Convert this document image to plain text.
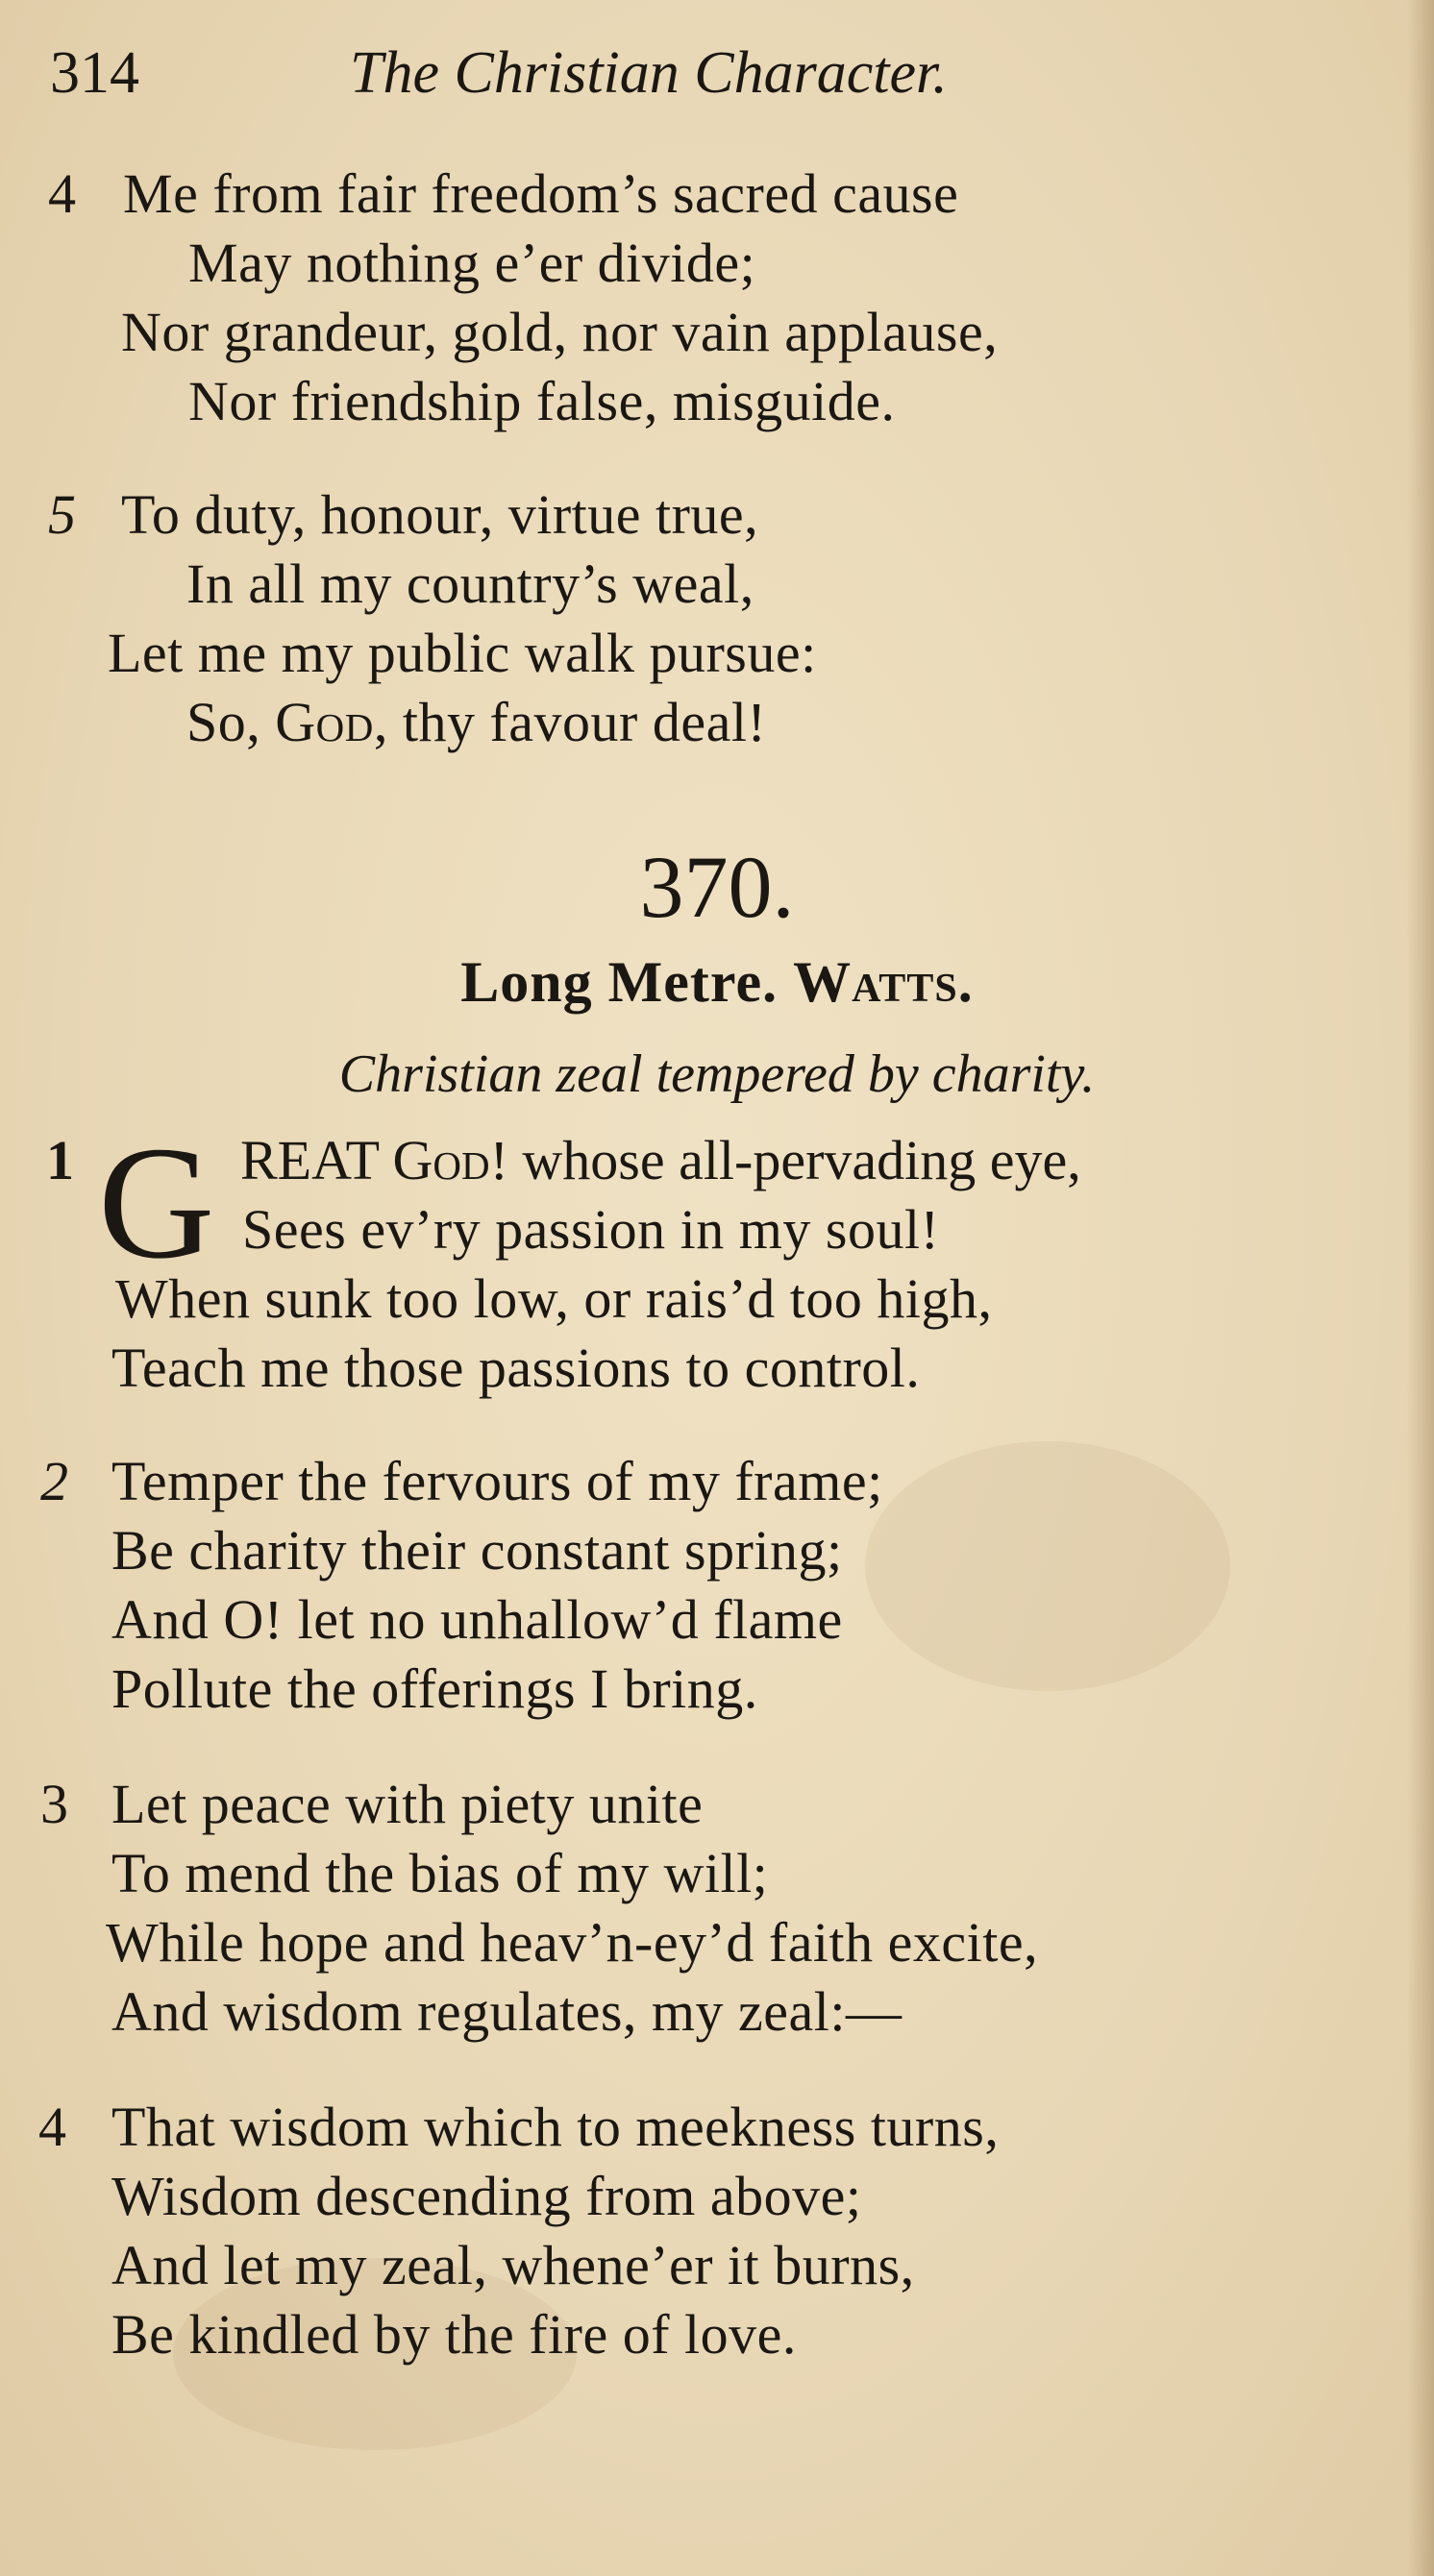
314	The Christian Character.
4 Me from fair freedom’s sacred cause
May nothing e’er divide;
Nor grandeur, gold, nor vain applause,
Nor friendship false, misguide.
5 To duty, honour, virtue true,
In all my country’s weal,
Let me my public walk pursue:
So, God, thy favour deal!
370.
Long Metre. Watts.
Christian zeal tempered by charity.
1 G REAT God! whose all-pervading eye,
Sees ev’ry passion in my soul!
When sunk too low, or rais’d too high,
Teach me those passions to control.
2 Temper the fervours of my frame;
Be charity their constant spring;
And O! let no unhallow’d flame
Pollute the offerings I bring.
3 Let peace with piety unite
To mend the bias of my will;
While hope and heav’n-ey’d faith excite,
And wisdom regulates, my zeal:—
4 That wisdom which to meekness turns,
Wisdom descending from above;
And let my zeal, whene’er it burns,
Be kindled by the fire of love.
